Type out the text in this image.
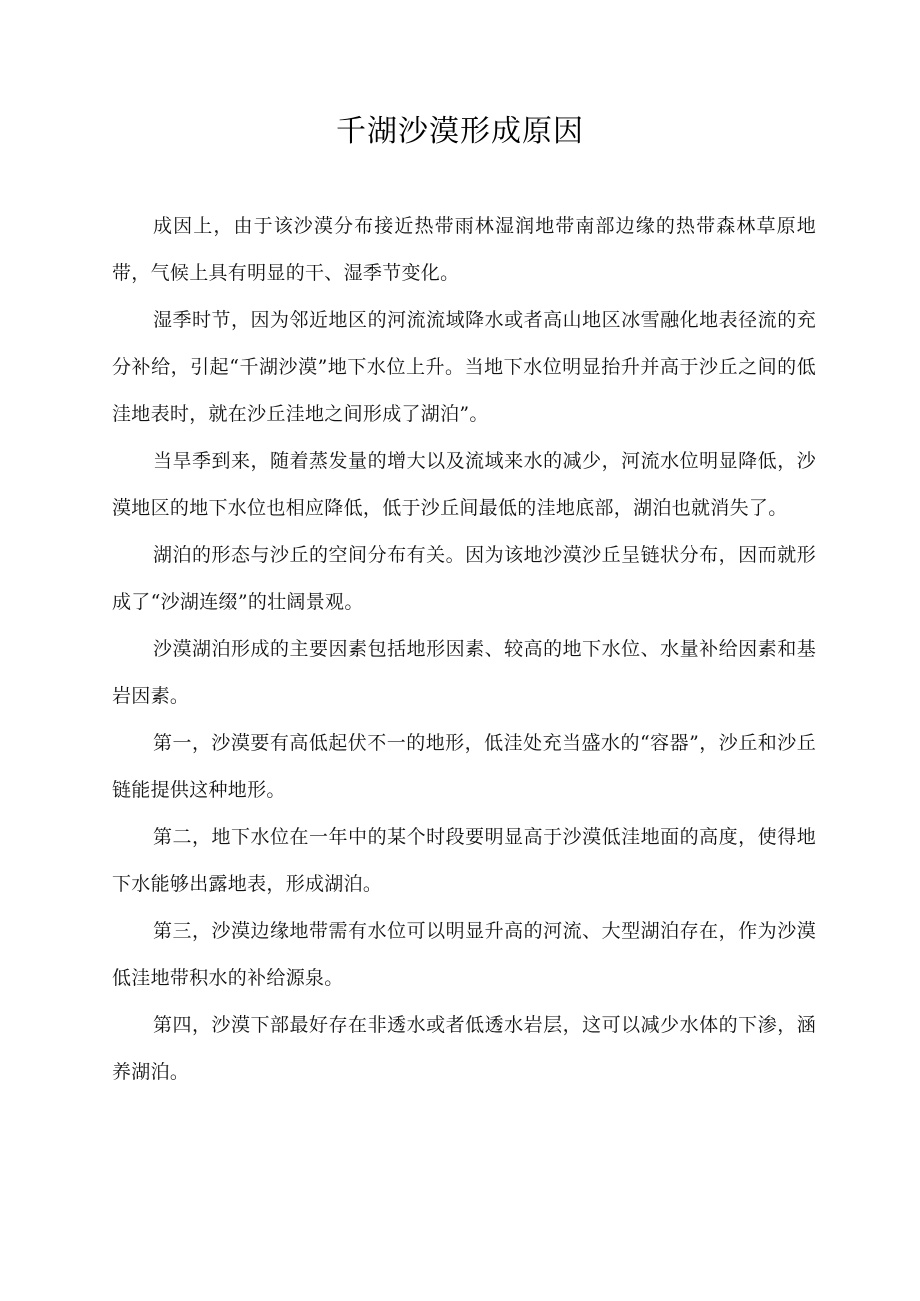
千湖沙漠形成原因

成因上，由于该沙漠分布接近热带雨林湿润地带南部边缘的热带森林草原地带，气候上具有明显的干、湿季节变化。

湿季时节，因为邻近地区的河流流域降水或者高山地区冰雪融化地表径流的充分补给，引起“千湖沙漠”地下水位上升。当地下水位明显抬升并高于沙丘之间的低洼地表时，就在沙丘洼地之间形成了湖泊”。

当旱季到来，随着蒸发量的增大以及流域来水的减少，河流水位明显降低，沙漠地区的地下水位也相应降低，低于沙丘间最低的洼地底部，湖泊也就消失了。

湖泊的形态与沙丘的空间分布有关。因为该地沙漠沙丘呈链状分布，因而就形成了“沙湖连缀”的壮阔景观。

沙漠湖泊形成的主要因素包括地形因素、较高的地下水位、水量补给因素和基岩因素。

第一，沙漠要有高低起伏不一的地形，低洼处充当盛水的“容器”，沙丘和沙丘链能提供这种地形。

第二，地下水位在一年中的某个时段要明显高于沙漠低洼地面的高度，使得地下水能够出露地表，形成湖泊。

第三，沙漠边缘地带需有水位可以明显升高的河流、大型湖泊存在，作为沙漠低洼地带积水的补给源泉。

第四，沙漠下部最好存在非透水或者低透水岩层，这可以减少水体的下渗，涵养湖泊。
